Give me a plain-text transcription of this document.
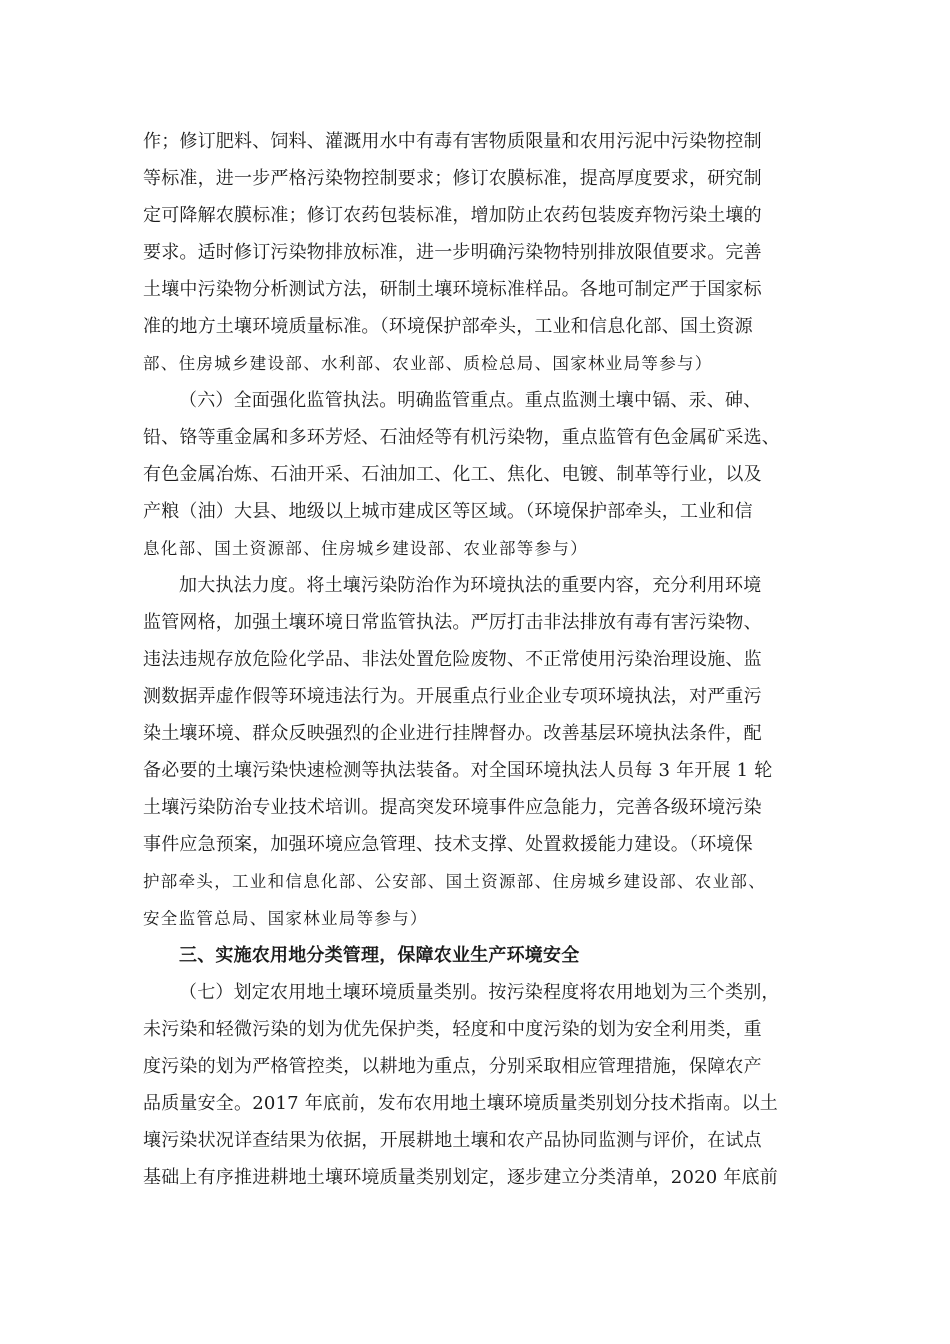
作；修订肥料、饲料、灌溉用水中有毒有害物质限量和农用污泥中污染物控制
等标准，进一步严格污染物控制要求；修订农膜标准，提高厚度要求，研究制
定可降解农膜标准；修订农药包装标准，增加防止农药包装废弃物污染土壤的
要求。适时修订污染物排放标准，进一步明确污染物特别排放限值要求。完善
土壤中污染物分析测试方法，研制土壤环境标准样品。各地可制定严于国家标
准的地方土壤环境质量标准。（环境保护部牵头，工业和信息化部、国土资源
部、住房城乡建设部、水利部、农业部、质检总局、国家林业局等参与）
（六）全面强化监管执法。明确监管重点。重点监测土壤中镉、汞、砷、
铅、铬等重金属和多环芳烃、石油烃等有机污染物，重点监管有色金属矿采选、
有色金属冶炼、石油开采、石油加工、化工、焦化、电镀、制革等行业，以及
产粮（油）大县、地级以上城市建成区等区域。（环境保护部牵头，工业和信
息化部、国土资源部、住房城乡建设部、农业部等参与）
加大执法力度。将土壤污染防治作为环境执法的重要内容，充分利用环境
监管网格，加强土壤环境日常监管执法。严厉打击非法排放有毒有害污染物、
违法违规存放危险化学品、非法处置危险废物、不正常使用污染治理设施、监
测数据弄虚作假等环境违法行为。开展重点行业企业专项环境执法，对严重污
染土壤环境、群众反映强烈的企业进行挂牌督办。改善基层环境执法条件，配
备必要的土壤污染快速检测等执法装备。对全国环境执法人员每 3 年开展 1 轮
土壤污染防治专业技术培训。提高突发环境事件应急能力，完善各级环境污染
事件应急预案，加强环境应急管理、技术支撑、处置救援能力建设。（环境保
护部牵头，工业和信息化部、公安部、国土资源部、住房城乡建设部、农业部、
安全监管总局、国家林业局等参与）
三、实施农用地分类管理，保障农业生产环境安全
（七）划定农用地土壤环境质量类别。按污染程度将农用地划为三个类别，
未污染和轻微污染的划为优先保护类，轻度和中度污染的划为安全利用类，重
度污染的划为严格管控类，以耕地为重点，分别采取相应管理措施，保障农产
品质量安全。2017 年底前，发布农用地土壤环境质量类别划分技术指南。以土
壤污染状况详查结果为依据，开展耕地土壤和农产品协同监测与评价，在试点
基础上有序推进耕地土壤环境质量类别划定，逐步建立分类清单，2020 年底前
